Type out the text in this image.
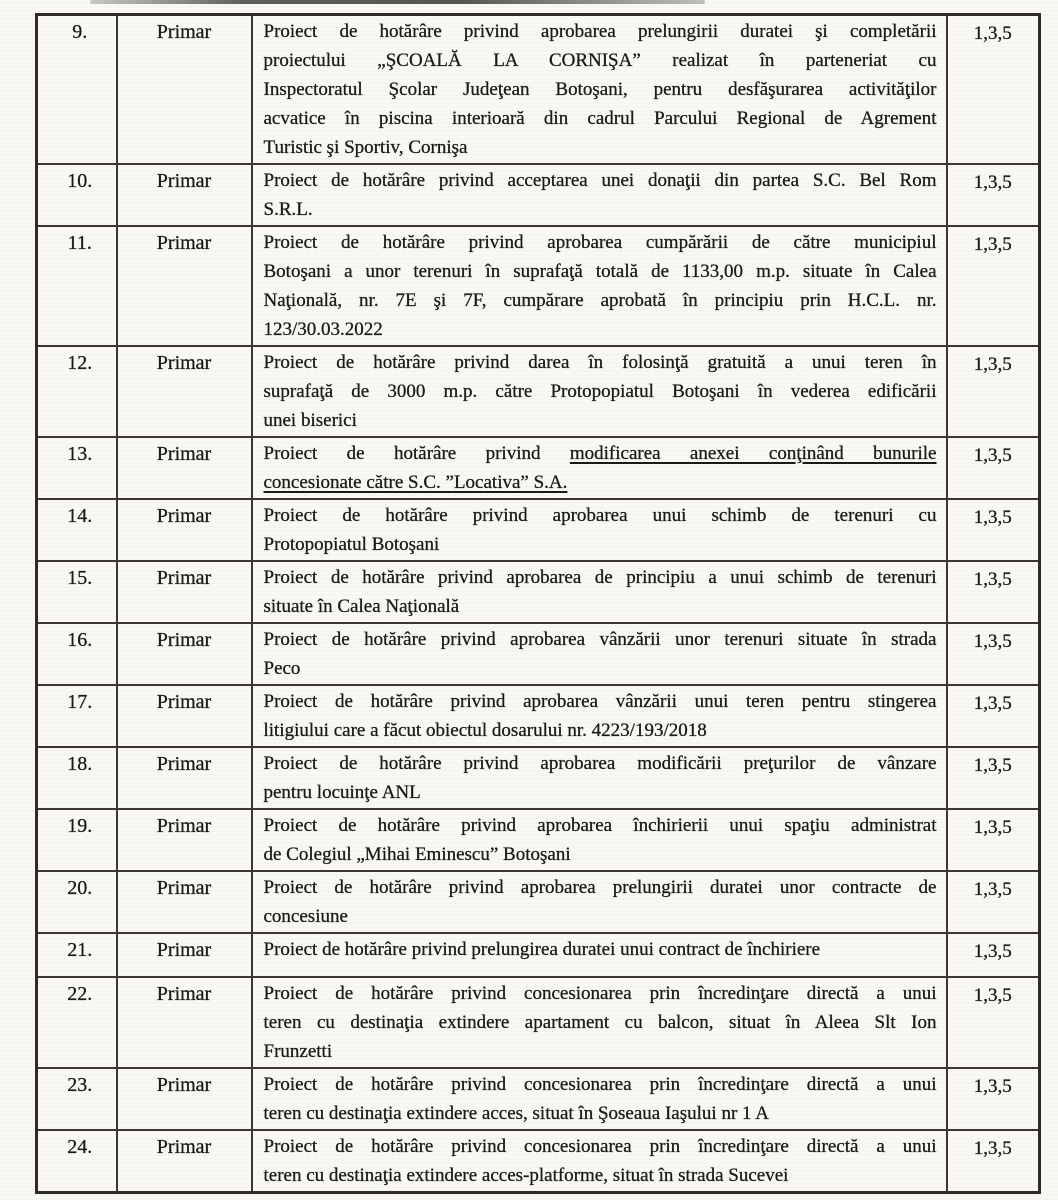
9.	Primar	Proiect de hotărâre privind aprobarea prelungirii duratei şi completării
proiectului „ŞCOALĂ LA CORNIŞA” realizat în parteneriat cu
Inspectoratul Şcolar Judeţean Botoşani, pentru desfăşurarea activităţilor
acvatice în piscina interioară din cadrul Parcului Regional de Agrement
Turistic şi Sportiv, Cornişa	1,3,5
10.	Primar	Proiect de hotărâre privind acceptarea unei donaţii din partea S.C. Bel Rom
S.R.L.	1,3,5
11.	Primar	Proiect de hotărâre privind aprobarea cumpărării de către municipiul
Botoşani a unor terenuri în suprafaţă totală de 1133,00 m.p. situate în Calea
Naţională, nr. 7E şi 7F, cumpărare aprobată în principiu prin H.C.L. nr.
123/30.03.2022	1,3,5
12.	Primar	Proiect de hotărâre privind darea în folosinţă gratuită a unui teren în
suprafaţă de 3000 m.p. către Protopopiatul Botoşani în vederea edificării
unei biserici	1,3,5
13.	Primar	Proiect de hotărâre privind modificarea anexei conţinând bunurile
concesionate către S.C. ”Locativa” S.A.	1,3,5
14.	Primar	Proiect de hotărâre privind aprobarea unui schimb de terenuri cu
Protopopiatul Botoşani	1,3,5
15.	Primar	Proiect de hotărâre privind aprobarea de principiu a unui schimb de terenuri
situate în Calea Naţională	1,3,5
16.	Primar	Proiect de hotărâre privind aprobarea vânzării unor terenuri situate în strada
Peco	1,3,5
17.	Primar	Proiect de hotărâre privind aprobarea vânzării unui teren pentru stingerea
litigiului care a făcut obiectul dosarului nr. 4223/193/2018	1,3,5
18.	Primar	Proiect de hotărâre privind aprobarea modificării preţurilor de vânzare
pentru locuinţe ANL	1,3,5
19.	Primar	Proiect de hotărâre privind aprobarea închirierii unui spaţiu administrat
de Colegiul „Mihai Eminescu” Botoşani	1,3,5
20.	Primar	Proiect de hotărâre privind aprobarea prelungirii duratei unor contracte de
concesiune	1,3,5
21.	Primar	Proiect de hotărâre privind prelungirea duratei unui contract de închiriere	1,3,5
22.	Primar	Proiect de hotărâre privind concesionarea prin încredinţare directă a unui
teren cu destinaţia extindere apartament cu balcon, situat în Aleea Slt Ion
Frunzetti	1,3,5
23.	Primar	Proiect de hotărâre privind concesionarea prin încredinţare directă a unui
teren cu destinaţia extindere acces, situat în Şoseaua Iaşului nr 1 A	1,3,5
24.	Primar	Proiect de hotărâre privind concesionarea prin încredinţare directă a unui
teren cu destinaţia extindere acces-platforme, situat în strada Sucevei	1,3,5
